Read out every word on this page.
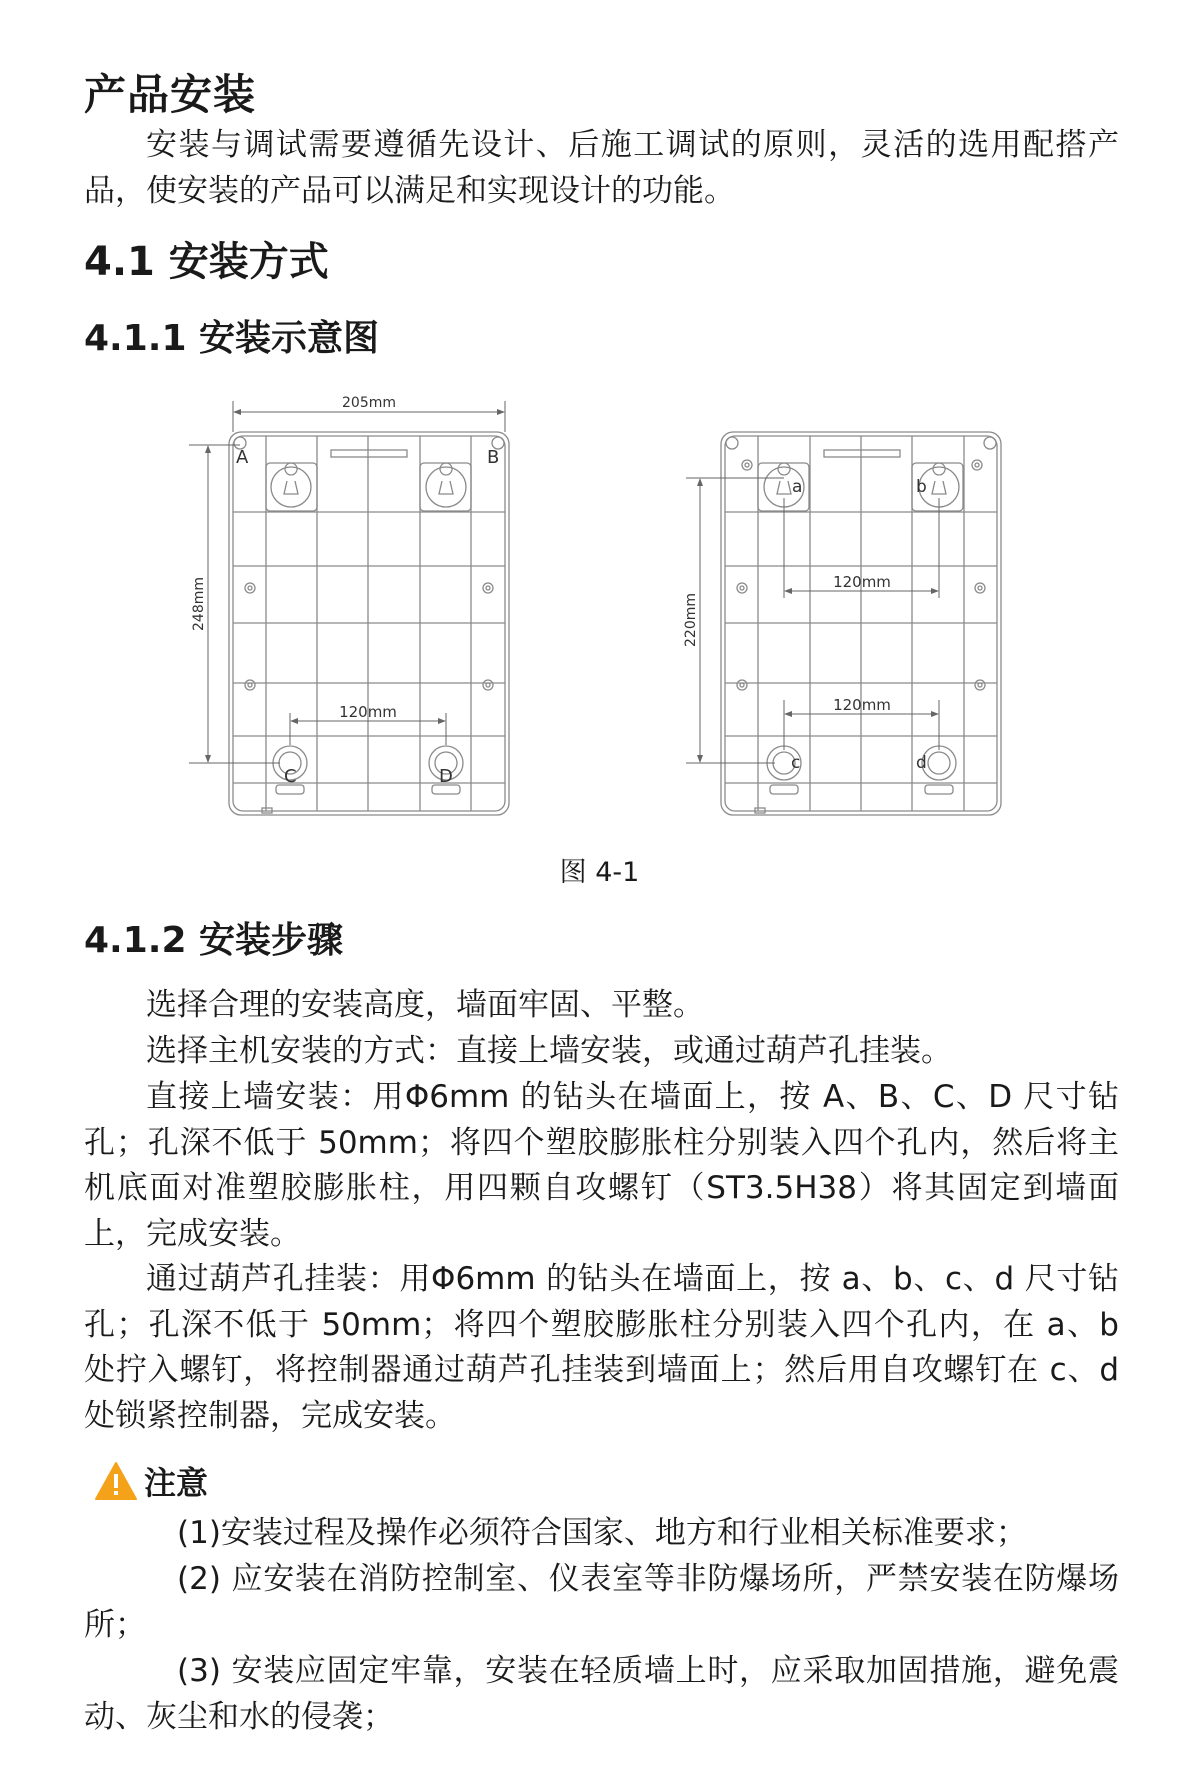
产品安装

安装与调试需要遵循先设计、后施工调试的原则，灵活的选用配搭产品，使安装的产品可以满足和实现设计的功能。

4.1 安装方式
4.1.1 安装示意图
205mm
248mm
120mm
A	B
C	D
220mm
120mm
120mm
a	b
c	d
图 4-1
4.1.2 安装步骤

选择合理的安装高度，墙面牢固、平整。

选择主机安装的方式：直接上墙安装，或通过葫芦孔挂装。

直接上墙安装：用Φ6mm 的钻头在墙面上，按 A、B、C、D 尺寸钻孔；孔深不低于 50mm；将四个塑胶膨胀柱分别装入四个孔内，然后将主机底面对准塑胶膨胀柱，用四颗自攻螺钉（ST3.5H38）将其固定到墙面上，完成安装。

通过葫芦孔挂装：用Φ6mm 的钻头在墙面上，按 a、b、c、d 尺寸钻孔；孔深不低于 50mm；将四个塑胶膨胀柱分别装入四个孔内，在 a、b 处拧入螺钉，将控制器通过葫芦孔挂装到墙面上；然后用自攻螺钉在 c、d 处锁紧控制器，完成安装。

注意
(1)安装过程及操作必须符合国家、地方和行业相关标准要求；
(2) 应安装在消防控制室、仪表室等非防爆场所，严禁安装在防爆场所；
(3) 安装应固定牢靠，安装在轻质墙上时，应采取加固措施，避免震动、灰尘和水的侵袭；
